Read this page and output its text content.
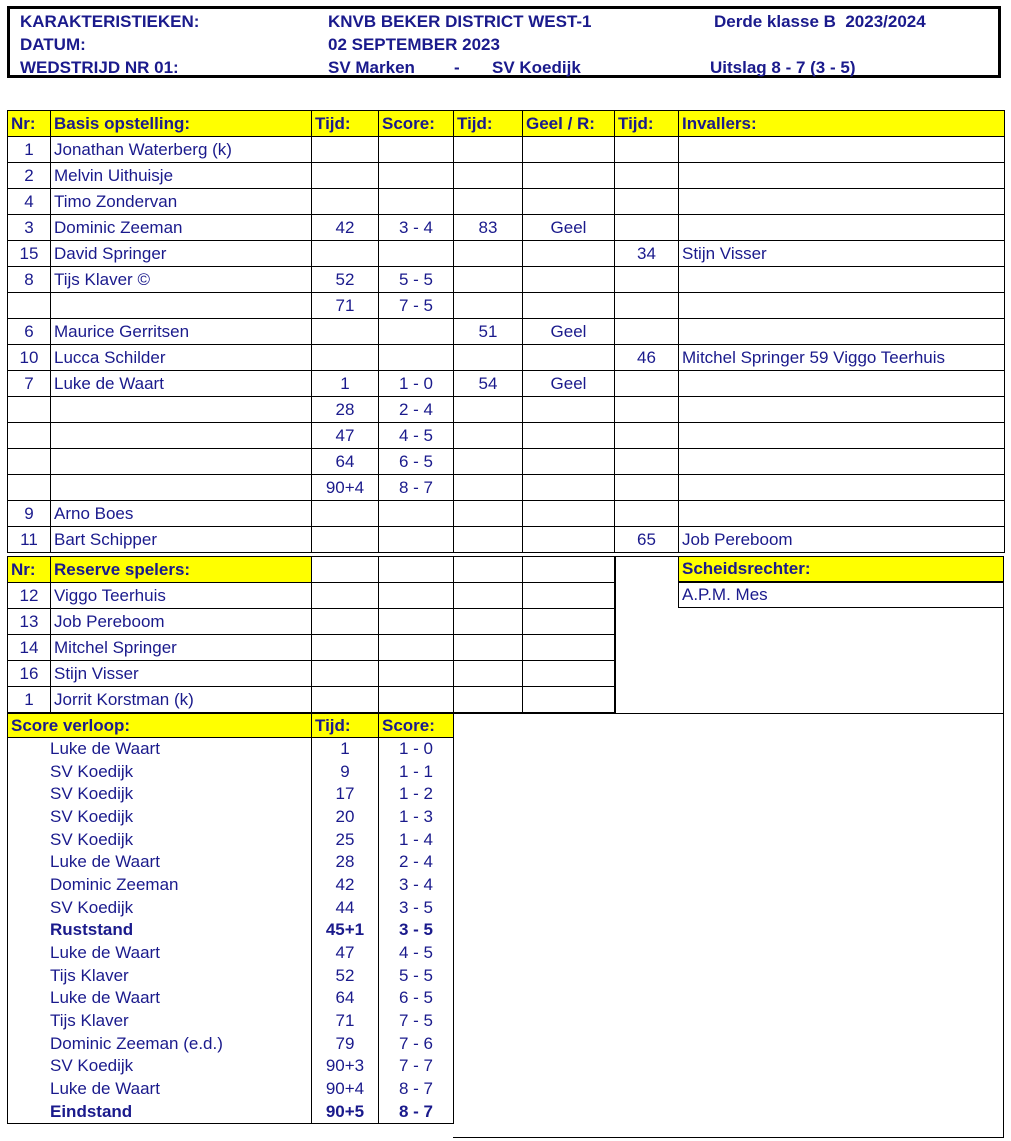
KARAKTERISTIEKEN:	KNVB BEKER DISTRICT WEST-1	Derde klasse B  2023/2024
DATUM:	02 SEPTEMBER 2023
WEDSTRIJD NR 01:	SV Marken - SV Koedijk	Uitslag 8 - 7 (3 - 5)
Nr:	Basis opstelling:	Tijd:	Score:	Tijd:	Geel / R:	Tijd:	Invallers:
1	Jonathan Waterberg (k)						
2	Melvin Uithuisje						
4	Timo Zondervan						
3	Dominic Zeeman	42	3 - 4	83	Geel		
15	David Springer					34	Stijn Visser
8	Tijs Klaver ©	52	5 - 5				
		71	7 - 5				
6	Maurice Gerritsen			51	Geel		
10	Lucca Schilder					46	Mitchel Springer 59 Viggo Teerhuis
7	Luke de Waart	1	1 - 0	54	Geel		
		28	2 - 4				
		47	4 - 5				
		64	6 - 5				
		90+4	8 - 7				
9	Arno Boes						
11	Bart Schipper					65	Job Pereboom
Nr:	Reserve spelers:				
12	Viggo Teerhuis				
13	Job Pereboom				
14	Mitchel Springer				
16	Stijn Visser				
1	Jorrit Korstman (k)				
Scheidsrechter:
A.P.M. Mes
Score verloop:	Tijd:	Score:
Luke de Waart	1	1 - 0
SV Koedijk	9	1 - 1
SV Koedijk	17	1 - 2
SV Koedijk	20	1 - 3
SV Koedijk	25	1 - 4
Luke de Waart	28	2 - 4
Dominic Zeeman	42	3 - 4
SV Koedijk	44	3 - 5
Ruststand	45+1	3 - 5
Luke de Waart	47	4 - 5
Tijs Klaver	52	5 - 5
Luke de Waart	64	6 - 5
Tijs Klaver	71	7 - 5
Dominic Zeeman (e.d.)	79	7 - 6
SV Koedijk	90+3	7 - 7
Luke de Waart	90+4	8 - 7
Eindstand	90+5	8 - 7
